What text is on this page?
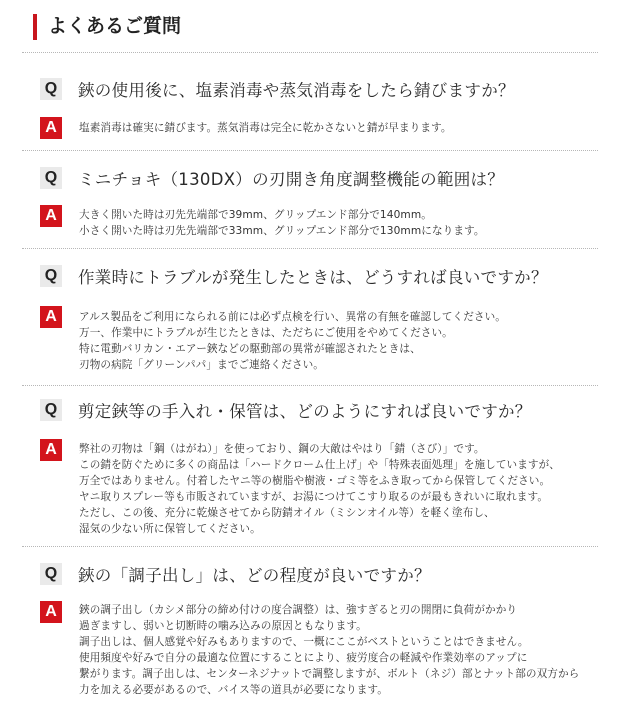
よくあるご質問
Q 鋏の使用後に、塩素消毒や蒸気消毒をしたら錆びますか？
A	塩素消毒は確実に錆びます。蒸気消毒は完全に乾かさないと錆が早まります。
Q ミニチョキ（130DX）の刃開き角度調整機能の範囲は？
A	大きく開いた時は刃先先端部で39mm、グリップエンド部分で140mm。
小さく開いた時は刃先先端部で33mm、グリップエンド部分で130mmになります。
Q 作業時にトラブルが発生したときは、どうすれば良いですか？
A	アルス製品をご利用になられる前には必ず点検を行い、異常の有無を確認してください。
万一、作業中にトラブルが生じたときは、ただちにご使用をやめてください。
特に電動バリカン・エアー鋏などの駆動部の異常が確認されたときは、
刃物の病院「グリーンパパ」までご連絡ください。
Q 剪定鋏等の手入れ・保管は、どのようにすれば良いですか？
A	弊社の刃物は「鋼（はがね）」を使っており、鋼の大敵はやはり「錆（さび）」です。
この錆を防ぐために多くの商品は「ハードクローム仕上げ」や「特殊表面処理」を施していますが、
万全ではありません。付着したヤニ等の樹脂や樹液・ゴミ等をふき取ってから保管してください。
ヤニ取りスプレー等も市販されていますが、お湯につけてこすり取るのが最もきれいに取れます。
ただし、この後、充分に乾燥させてから防錆オイル（ミシンオイル等）を軽く塗布し、
湿気の少ない所に保管してください。
Q 鋏の「調子出し」は、どの程度が良いですか？
A	鋏の調子出し（カシメ部分の締め付けの度合調整）は、強すぎると刃の開閉に負荷がかかり
過ぎますし、弱いと切断時の噛み込みの原因ともなります。
調子出しは、個人感覚や好みもありますので、一概にここがベストということはできません。
使用頻度や好みで自分の最適な位置にすることにより、疲労度合の軽減や作業効率のアップに
繋がります。調子出しは、センターネジナットで調整しますが、ボルト（ネジ）部とナット部の双方から
力を加える必要があるので、バイス等の道具が必要になります。
